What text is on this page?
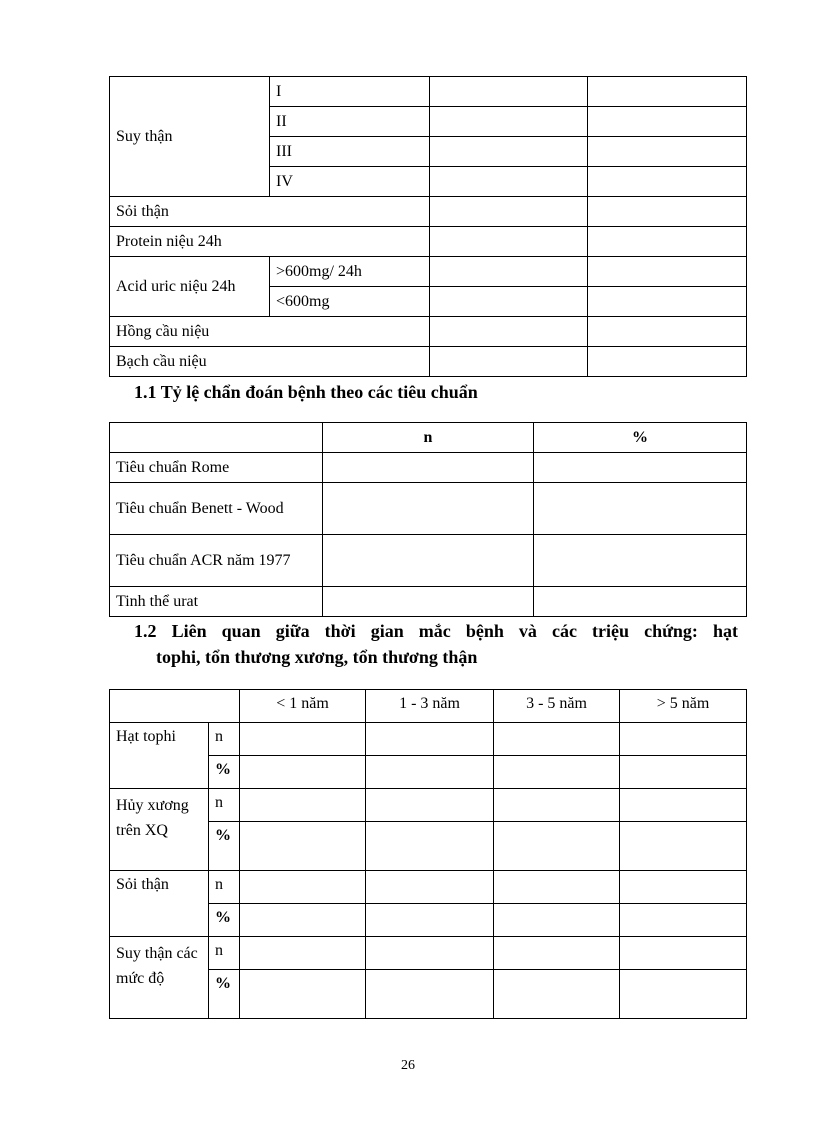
Suy thận	I		
	II		
	III		
	IV		
Sỏi thận			
Protein niệu 24h			
Acid uric niệu 24h	>600mg/ 24h		
	<600mg		
Hồng cầu niệu			
Bạch cầu niệu			
1.1 Tỷ lệ chẩn đoán bệnh theo các tiêu chuẩn
	n	%
Tiêu chuẩn Rome		
Tiêu chuẩn Benett - Wood		
Tiêu chuẩn ACR năm 1977		
Tinh thể urat		
1.2 Liên quan giữa thời gian mắc bệnh và các triệu chứng: hạt
tophi, tổn thương xương, tổn thương thận
		< 1 năm	1 - 3 năm	3 - 5 năm	> 5 năm
Hạt tophi	n				
	%				
Hủy xương trên XQ	n				
	%				
Sỏi thận	n				
	%				
Suy thận các mức độ	n				
	%				
26
